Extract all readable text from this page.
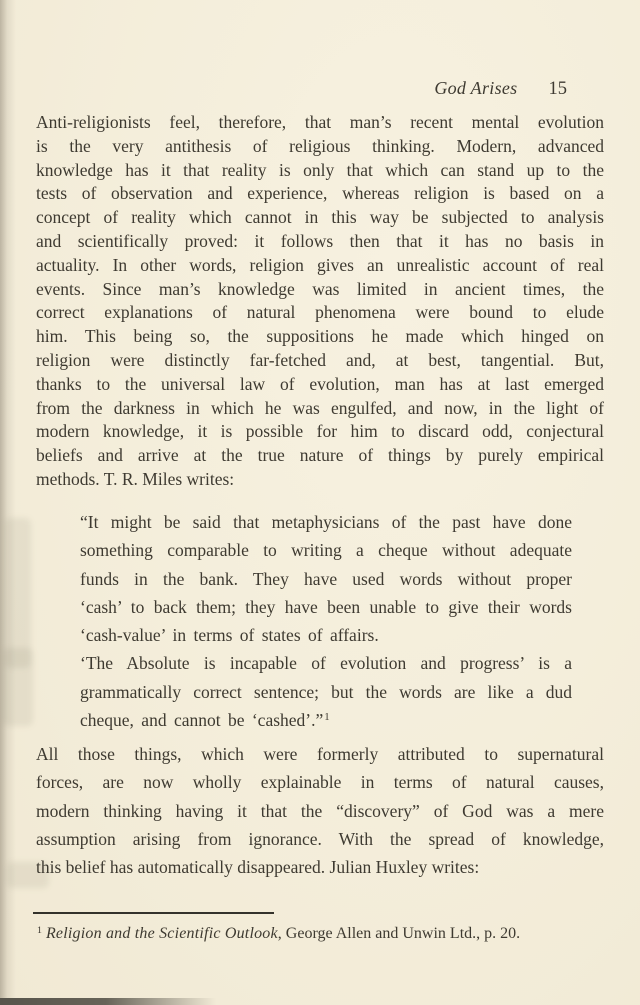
God Arises 15
Anti-religionists feel, therefore, that man’s recent mental evolution
is the very antithesis of religious thinking. Modern, advanced
knowledge has it that reality is only that which can stand up to the
tests of observation and experience, whereas religion is based on a
concept of reality which cannot in this way be subjected to analysis
and scientifically proved: it follows then that it has no basis in
actuality. In other words, religion gives an unrealistic account of real
events. Since man’s knowledge was limited in ancient times, the
correct explanations of natural phenomena were bound to elude
him. This being so, the suppositions he made which hinged on
religion were distinctly far-fetched and, at best, tangential. But,
thanks to the universal law of evolution, man has at last emerged
from the darkness in which he was engulfed, and now, in the light of
modern knowledge, it is possible for him to discard odd, conjectural
beliefs and arrive at the true nature of things by purely empirical
methods. T. R. Miles writes:
“It might be said that metaphysicians of the past have done
something comparable to writing a cheque without adequate
funds in the bank. They have used words without proper
‘cash’ to back them; they have been unable to give their words
‘cash-value’ in terms of states of affairs.
‘The Absolute is incapable of evolution and progress’ is a
grammatically correct sentence; but the words are like a dud
cheque, and cannot be ‘cashed’.”$^1$
All those things, which were formerly attributed to supernatural
forces, are now wholly explainable in terms of natural causes,
modern thinking having it that the “discovery” of God was a mere
assumption arising from ignorance. With the spread of knowledge,
this belief has automatically disappeared. Julian Huxley writes:
$^1$ Religion and the Scientific Outlook, George Allen and Unwin Ltd., p. 20.
